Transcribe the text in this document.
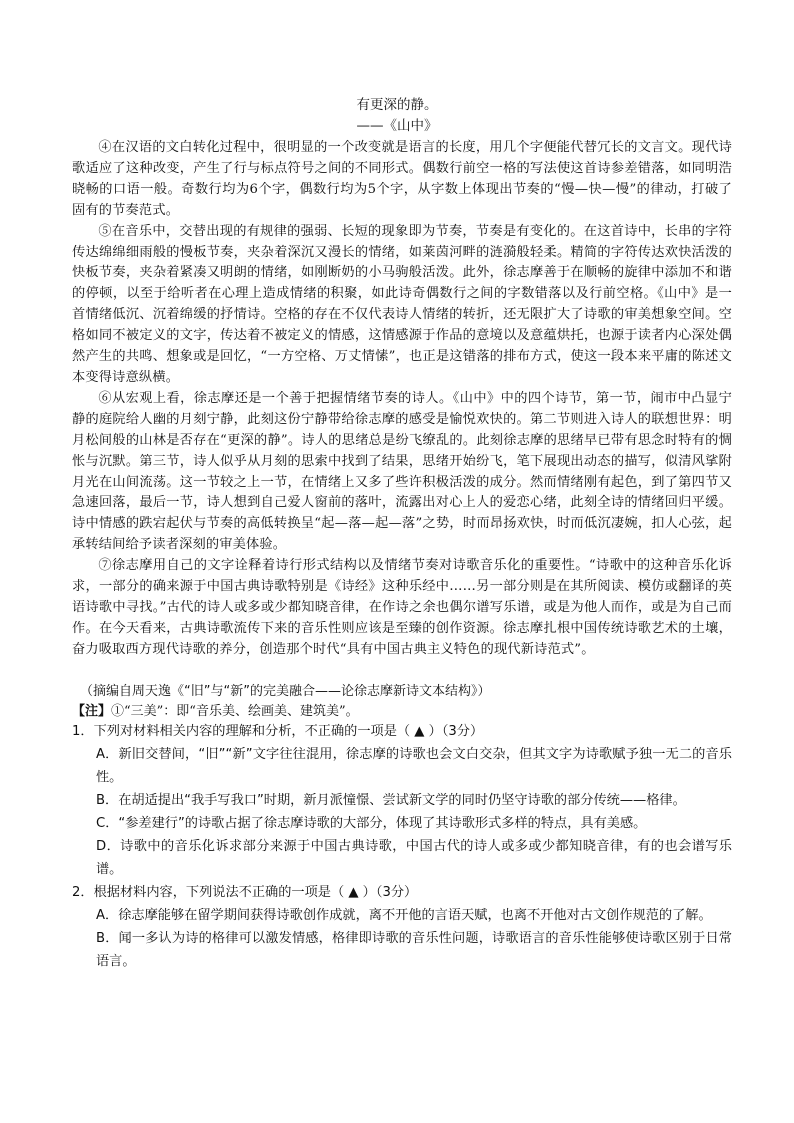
有更深的静。
——《山中》

④在汉语的文白转化过程中，很明显的一个改变就是语言的长度，用几个字便能代替冗长的文言文。现代诗歌适应了这种改变，产生了行与标点符号之间的不同形式。偶数行前空一格的写法使这首诗参差错落，如同明浩晓畅的口语一般。奇数行均为6个字，偶数行均为5个字，从字数上体现出节奏的“慢—快—慢”的律动，打破了固有的节奏范式。

⑤在音乐中，交替出现的有规律的强弱、长短的现象即为节奏，节奏是有变化的。在这首诗中，长串的字符传达绵绵细雨般的慢板节奏，夹杂着深沉又漫长的情绪，如莱茵河畔的涟漪般轻柔。精简的字符传达欢快活泼的快板节奏，夹杂着紧凑又明朗的情绪，如刚断奶的小马驹般活泼。此外，徐志摩善于在顺畅的旋律中添加不和谐的停顿，以至于给听者在心理上造成情绪的积聚，如此诗奇偶数行之间的字数错落以及行前空格。《山中》是一首情绪低沉、沉着绵缓的抒情诗。空格的存在不仅代表诗人情绪的转折，还无限扩大了诗歌的审美想象空间。空格如同不被定义的文字，传达着不被定义的情感，这情感源于作品的意境以及意蕴烘托，也源于读者内心深处偶然产生的共鸣、想象或是回忆，“一方空格、万丈情愫”，也正是这错落的排布方式，使这一段本来平庸的陈述文本变得诗意纵横。

⑥从宏观上看，徐志摩还是一个善于把握情绪节奏的诗人。《山中》中的四个诗节，第一节，闹市中凸显宁静的庭院给人幽的月刻宁静，此刻这份宁静带给徐志摩的感受是愉悦欢快的。第二节则进入诗人的联想世界：明月松间般的山林是否存在“更深的静”。诗人的思绪总是纷飞缭乱的。此刻徐志摩的思绪早已带有思念时特有的惆怅与沉默。第三节，诗人似乎从月刻的思索中找到了结果，思绪开始纷飞，笔下展现出动态的描写，似清风挲附月光在山间流荡。这一节较之上一节，在情绪上又多了些许积极活泼的成分。然而情绪刚有起色，到了第四节又急速回落，最后一节，诗人想到自己爱人窗前的落叶，流露出对心上人的爱恋心绪，此刻全诗的情绪回归平缓。诗中情感的跌宕起伏与节奏的高低转换呈“起—落—起—落”之势，时而昂扬欢快，时而低沉凄婉，扣人心弦，起承转结间给予读者深刻的审美体验。

⑦徐志摩用自己的文字诠释着诗行形式结构以及情绪节奏对诗歌音乐化的重要性。“诗歌中的这种音乐化诉求，一部分的确来源于中国古典诗歌特别是《诗经》这种乐经中……另一部分则是在其所阅读、模仿或翻译的英语诗歌中寻找。”古代的诗人或多或少都知晓音律，在作诗之余也偶尔谱写乐谱，或是为他人而作，或是为自己而作。在今天看来，古典诗歌流传下来的音乐性则应该是至臻的创作资源。徐志摩扎根中国传统诗歌艺术的土壤，奋力吸取西方现代诗歌的养分，创造那个时代“具有中国古典主义特色的现代新诗范式”。

（摘编自周天逸《“旧”与“新”的完美融合——论徐志摩新诗文本结构》）
【注】①“三美”：即“音乐美、绘画美、建筑美”。

1．下列对材料相关内容的理解和分析，不正确的一项是（ ▲ ）（3分）

A．新旧交替间，“旧”“新”文字往往混用，徐志摩的诗歌也会文白交杂，但其文字为诗歌赋予独一无二的音乐性。

B．在胡适提出“我手写我口”时期，新月派憧憬、尝试新文学的同时仍坚守诗歌的部分传统——格律。

C．“参差建行”的诗歌占据了徐志摩诗歌的大部分，体现了其诗歌形式多样的特点，具有美感。

D．诗歌中的音乐化诉求部分来源于中国古典诗歌，中国古代的诗人或多或少都知晓音律，有的也会谱写乐谱。

2．根据材料内容，下列说法不正确的一项是（ ▲ ）（3分）

A．徐志摩能够在留学期间获得诗歌创作成就，离不开他的言语天赋，也离不开他对古文创作规范的了解。

B．闻一多认为诗的格律可以激发情感，格律即诗歌的音乐性问题，诗歌语言的音乐性能够使诗歌区别于日常语言。
